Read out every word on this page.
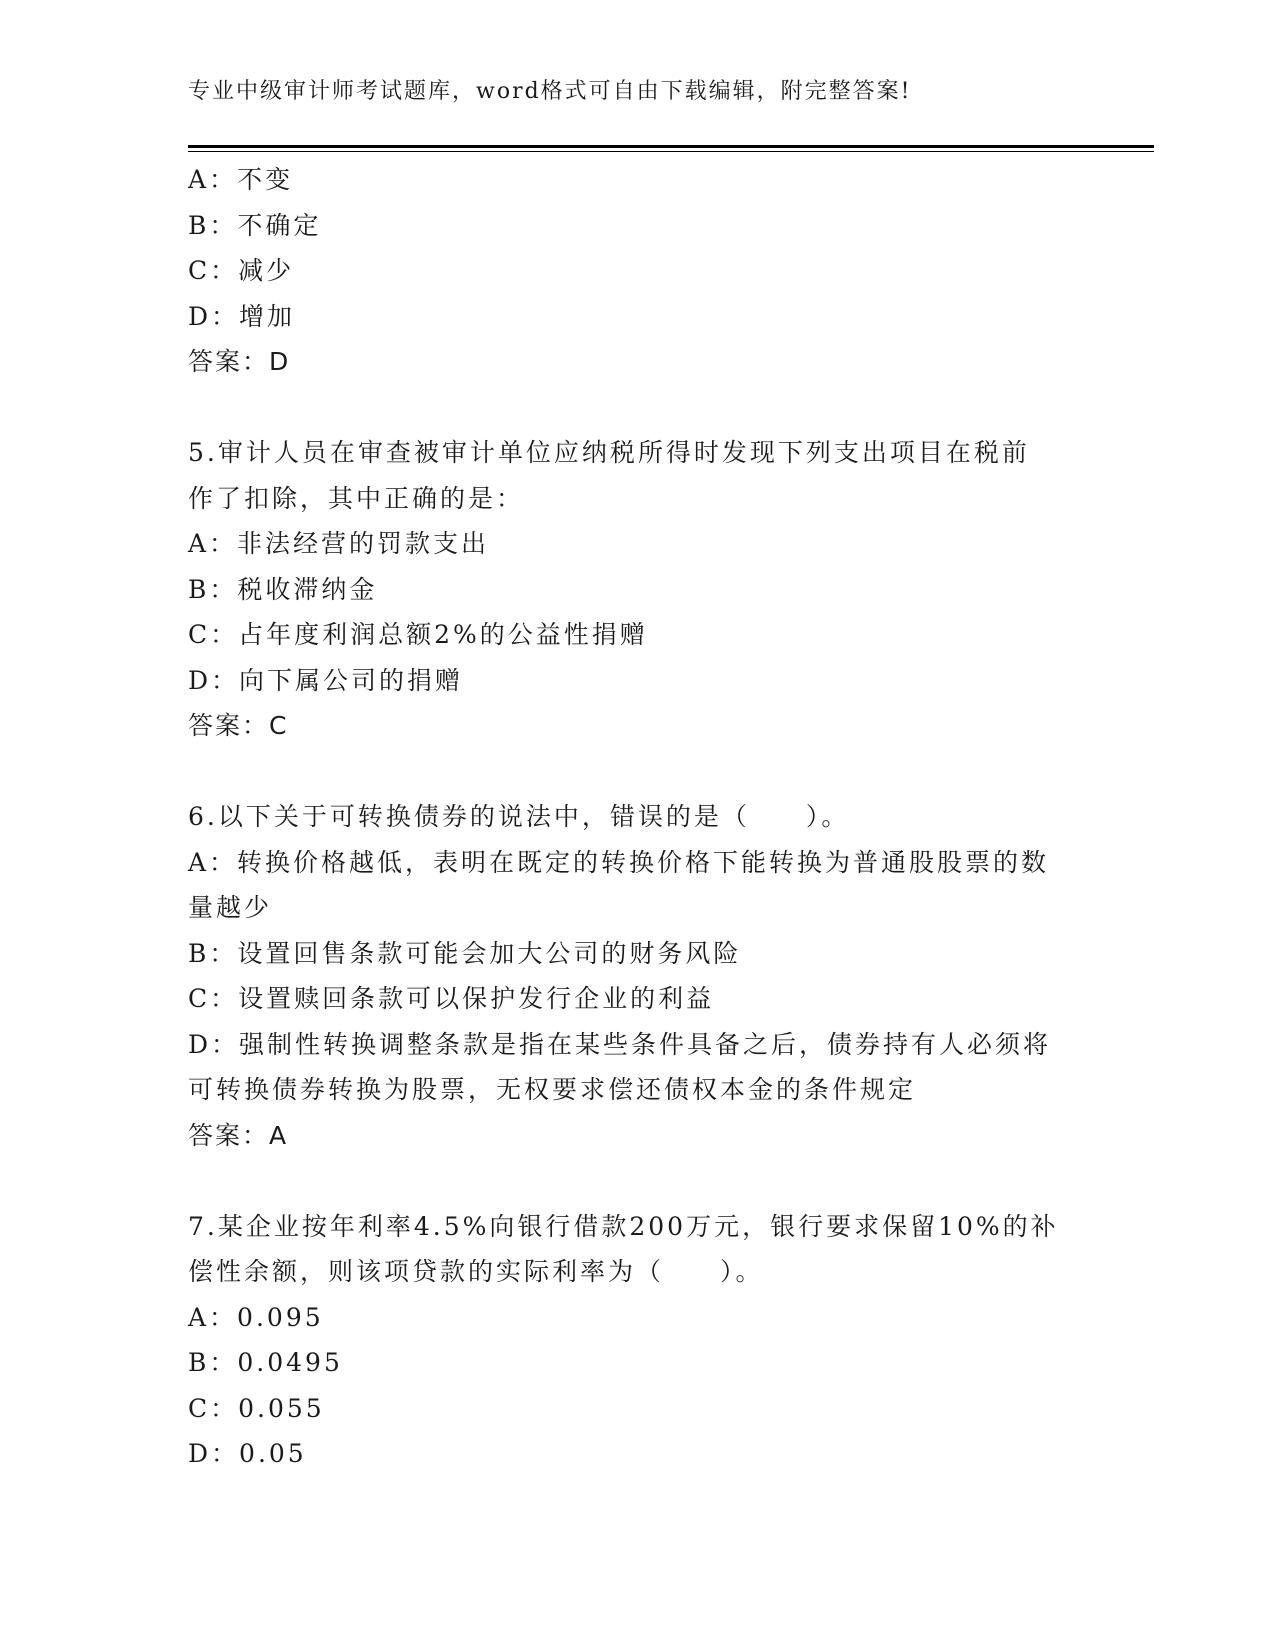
专业中级审计师考试题库，word格式可自由下载编辑，附完整答案!
A：不变
B：不确定
C：减少
D：增加
答案：D
5.审计人员在审查被审计单位应纳税所得时发现下列支出项目在税前
作了扣除，其中正确的是：
A：非法经营的罚款支出
B：税收滞纳金
C：占年度利润总额2%的公益性捐赠
D：向下属公司的捐赠
答案：C
6.以下关于可转换债券的说法中，错误的是（　　）。
A：转换价格越低，表明在既定的转换价格下能转换为普通股股票的数
量越少
B：设置回售条款可能会加大公司的财务风险
C：设置赎回条款可以保护发行企业的利益
D：强制性转换调整条款是指在某些条件具备之后，债券持有人必须将
可转换债券转换为股票，无权要求偿还债权本金的条件规定
答案：A
7.某企业按年利率4.5%向银行借款200万元，银行要求保留10%的补
偿性余额，则该项贷款的实际利率为（　　）。
A：0.095
B：0.0495
C：0.055
D：0.05
